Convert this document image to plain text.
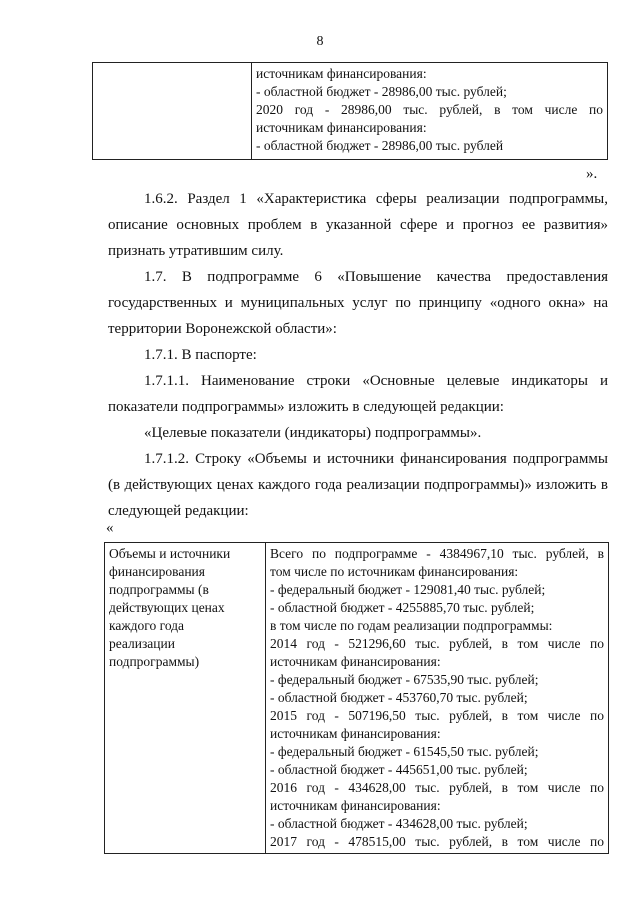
8

источникам финансирования:
- областной бюджет - 28986,00 тыс. рублей;
2020 год - 28986,00 тыс. рублей, в том числе по
источникам финансирования:
- областной бюджет - 28986,00 тыс. рублей
».
1.6.2. Раздел 1 «Характеристика сферы реализации подпрограммы,
описание основных проблем в указанной сфере и прогноз ее развития»
признать утратившим силу.
1.7. В подпрограмме 6 «Повышение качества предоставления
государственных и муниципальных услуг по принципу «одного окна» на
территории Воронежской области»:
1.7.1. В паспорте:
1.7.1.1. Наименование строки «Основные целевые индикаторы и
показатели подпрограммы» изложить в следующей редакции:
«Целевые показатели (индикаторы) подпрограммы».
1.7.1.2. Строку «Объемы и источники финансирования подпрограммы
(в действующих ценах каждого года реализации подпрограммы)» изложить в
следующей редакции:
«
Объемы и источники
финансирования
подпрограммы (в
действующих ценах
каждого года
реализации
подпрограммы)

Всего по подпрограмме - 4384967,10 тыс. рублей, в
том числе по источникам финансирования:
- федеральный бюджет - 129081,40 тыс. рублей;
- областной бюджет - 4255885,70 тыс. рублей;
в том числе по годам реализации подпрограммы:
2014 год - 521296,60 тыс. рублей, в том числе по
источникам финансирования:
- федеральный бюджет - 67535,90 тыс. рублей;
- областной бюджет - 453760,70 тыс. рублей;
2015 год - 507196,50 тыс. рублей, в том числе по
источникам финансирования:
- федеральный бюджет - 61545,50 тыс. рублей;
- областной бюджет - 445651,00 тыс. рублей;
2016 год - 434628,00 тыс. рублей, в том числе по
источникам финансирования:
- областной бюджет - 434628,00 тыс. рублей;
2017 год - 478515,00 тыс. рублей, в том числе по
